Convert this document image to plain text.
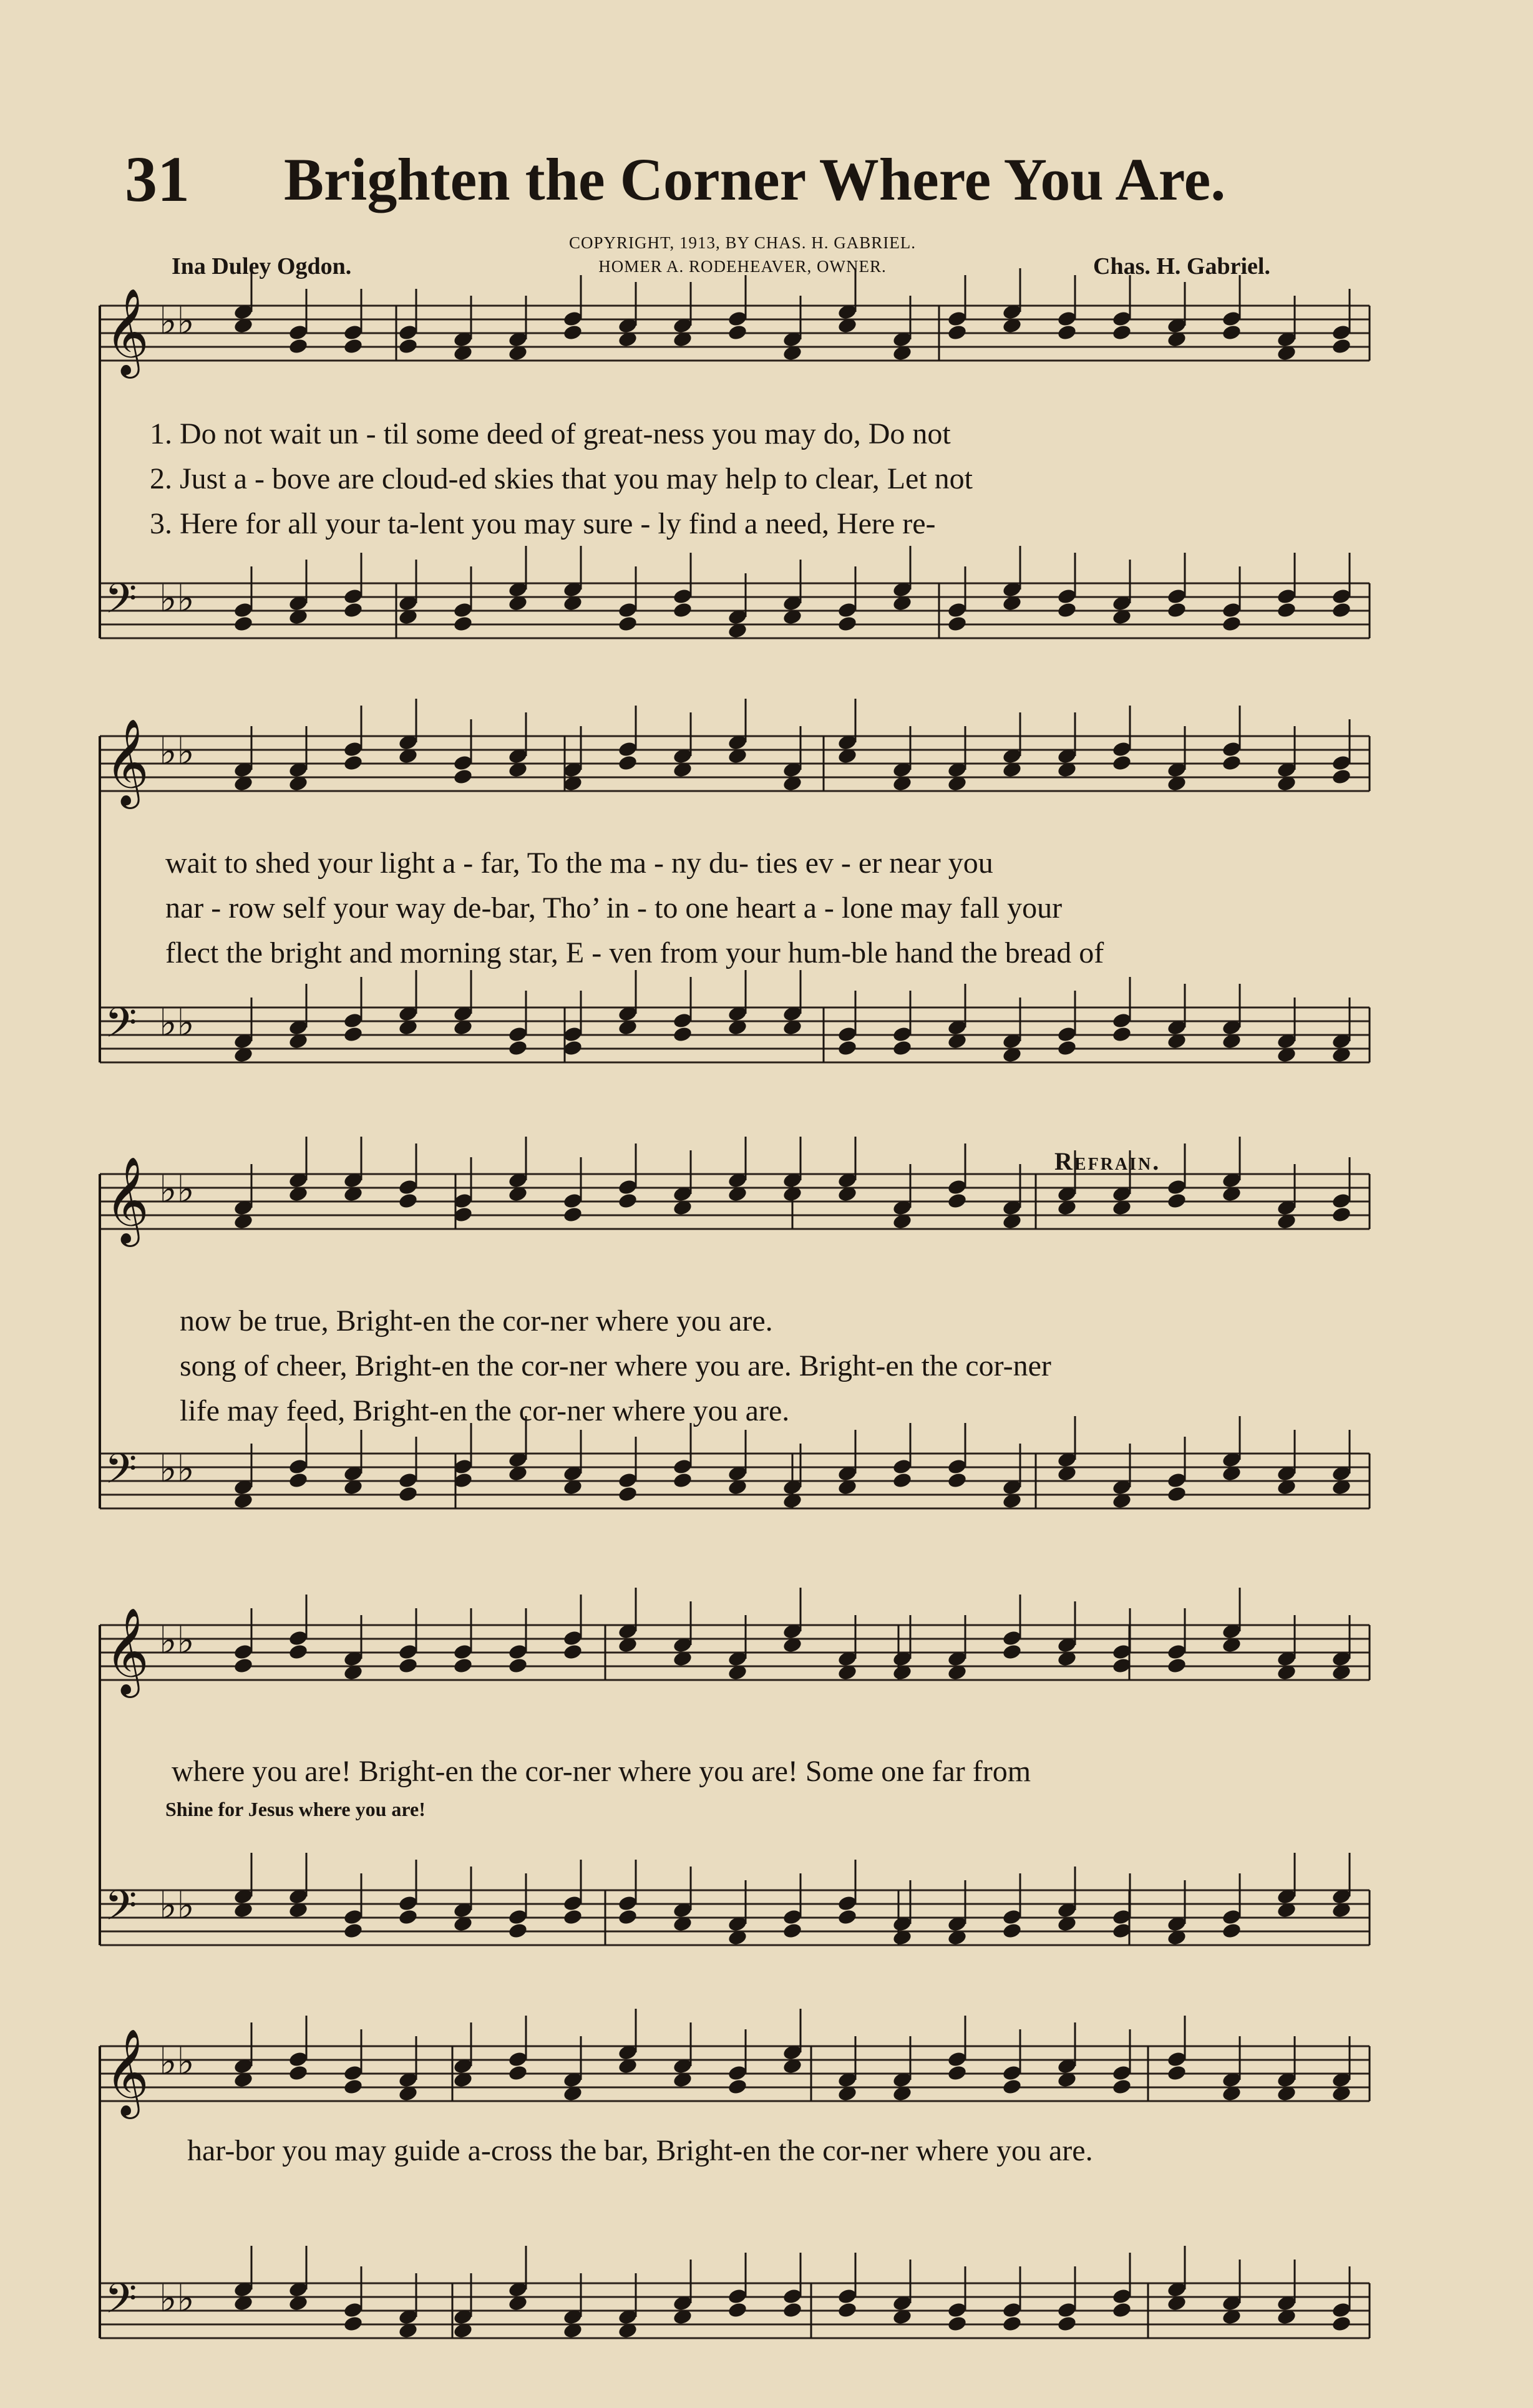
31 Brighten the Corner Where You Are.
Ina Duley Ogdon.
COPYRIGHT, 1913, BY CHAS. H. GABRIEL.
HOMER A. RODEHEAVER, OWNER.	Chas. H. Gabriel.
𝄞 ♭♭
𝄢 ♭♭
1. Do not wait un - til some deed of great-ness you may do, Do not
2. Just a - bove are cloud-ed skies that you may help to clear, Let not
3. Here for all your ta-lent you may sure - ly find a need, Here re-
𝄞 ♭♭
𝄢 ♭♭
wait to shed your light a - far, To the ma - ny du- ties ev - er near you
nar - row self your way de-bar, Tho’ in - to one heart a - lone may fall your
flect the bright and morning star, E - ven from your hum-ble hand the bread of
𝄞 ♭♭
𝄢 ♭♭
Refrain.
now be true, Bright-en the cor-ner where you are.
song of cheer, Bright-en the cor-ner where you are. Bright-en the cor-ner
life may feed, Bright-en the cor-ner where you are.
𝄞 ♭♭
𝄢 ♭♭
where you are! Bright-en the cor-ner where you are! Some one far from
Shine for Jesus where you are!
𝄞 ♭♭
𝄢 ♭♭
har-bor you may guide a-cross the bar, Bright-en the cor-ner where you are.
